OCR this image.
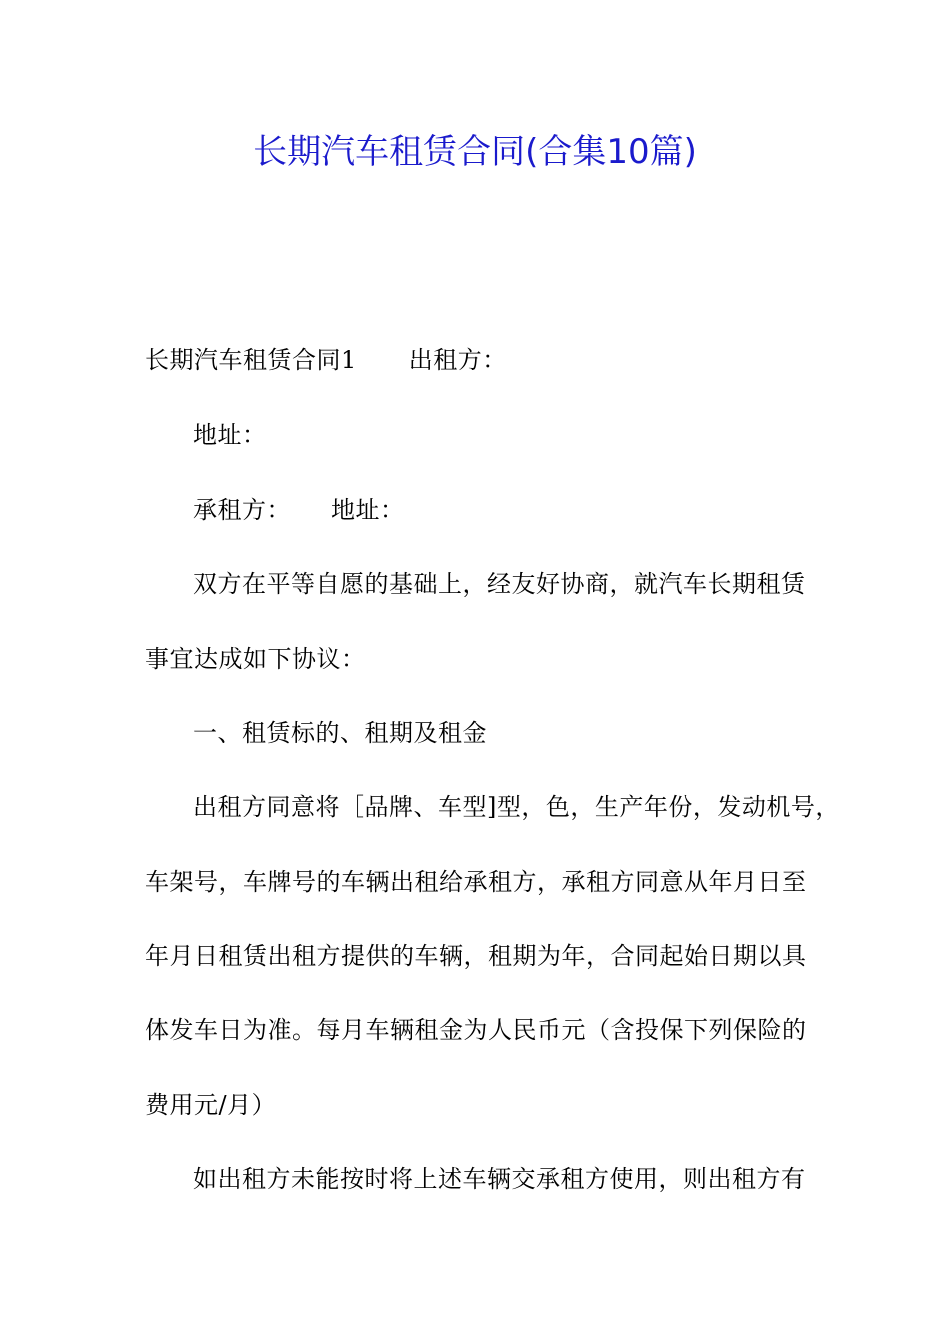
长期汽车租赁合同(合集10篇)
长期汽车租赁合同1 出租方：
地址：
承租方： 地址：
双方在平等自愿的基础上，经友好协商，就汽车长期租赁
事宜达成如下协议：
一、租赁标的、租期及租金
出租方同意将［品牌、车型]型，色，生产年份，发动机号，
车架号，车牌号的车辆出租给承租方，承租方同意从年月日至
年月日租赁出租方提供的车辆，租期为年，合同起始日期以具
体发车日为准。每月车辆租金为人民币元（含投保下列保险的
费用元/月）
如出租方未能按时将上述车辆交承租方使用，则出租方有
